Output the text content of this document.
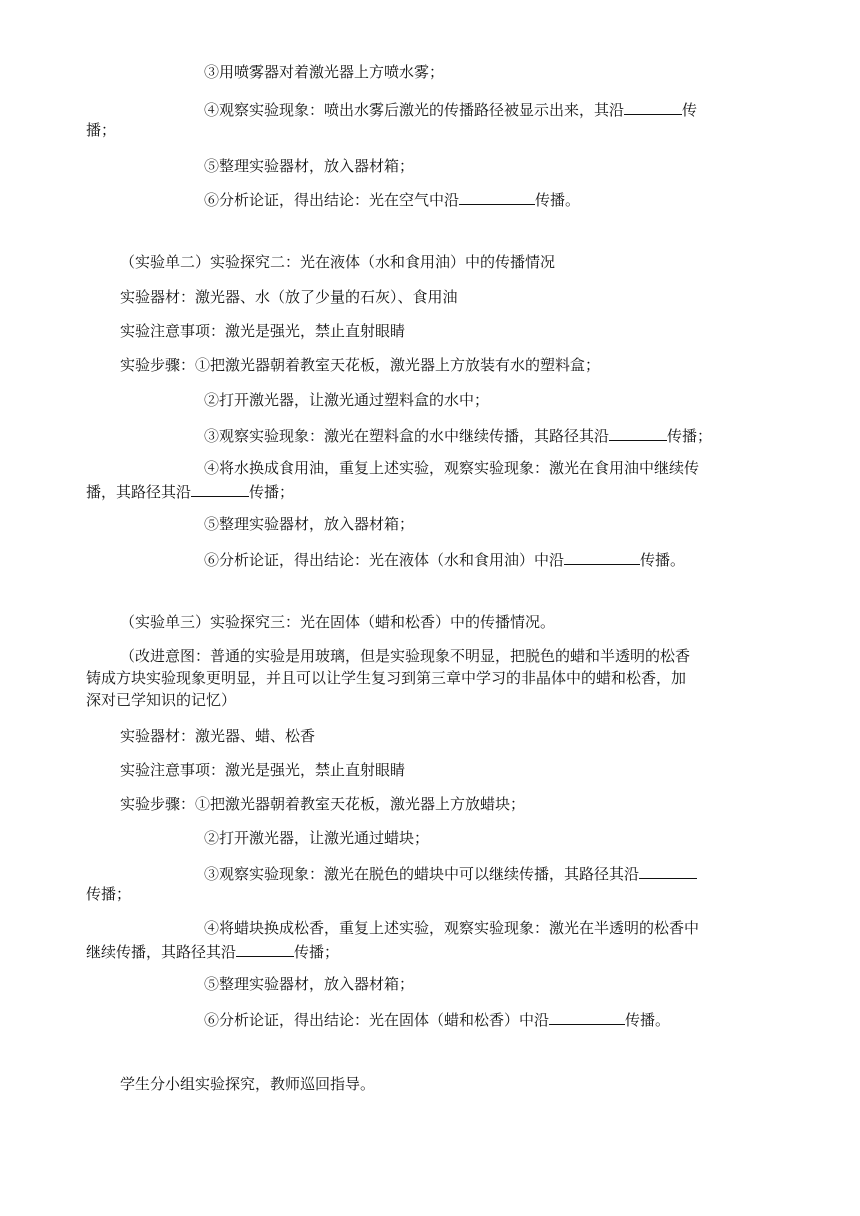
③用喷雾器对着激光器上方喷水雾；
④观察实验现象：喷出水雾后激光的传播路径被显示出来，其沿	传
播；
⑤整理实验器材，放入器材箱；
⑥分析论证，得出结论：光在空气中沿	传播。
（实验单二）实验探究二：光在液体（水和食用油）中的传播情况
实验器材：激光器、水（放了少量的石灰）、食用油
实验注意事项：激光是强光，禁止直射眼睛
实验步骤：①把激光器朝着教室天花板，激光器上方放装有水的塑料盒；
②打开激光器，让激光通过塑料盒的水中；
③观察实验现象：激光在塑料盒的水中继续传播，其路径其沿	传播；
④将水换成食用油，重复上述实验，观察实验现象：激光在食用油中继续传
播，其路径其沿	传播；
⑤整理实验器材，放入器材箱；
⑥分析论证，得出结论：光在液体（水和食用油）中沿	传播。
（实验单三）实验探究三：光在固体（蜡和松香）中的传播情况。
（改进意图：普通的实验是用玻璃，但是实验现象不明显，把脱色的蜡和半透明的松香
铸成方块实验现象更明显，并且可以让学生复习到第三章中学习的非晶体中的蜡和松香，加
深对已学知识的记忆）
实验器材：激光器、蜡、松香
实验注意事项：激光是强光，禁止直射眼睛
实验步骤：①把激光器朝着教室天花板，激光器上方放蜡块；
②打开激光器，让激光通过蜡块；
③观察实验现象：激光在脱色的蜡块中可以继续传播，其路径其沿
传播；
④将蜡块换成松香，重复上述实验，观察实验现象：激光在半透明的松香中
继续传播，其路径其沿	传播；
⑤整理实验器材，放入器材箱；
⑥分析论证，得出结论：光在固体（蜡和松香）中沿	传播。
学生分小组实验探究，教师巡回指导。
